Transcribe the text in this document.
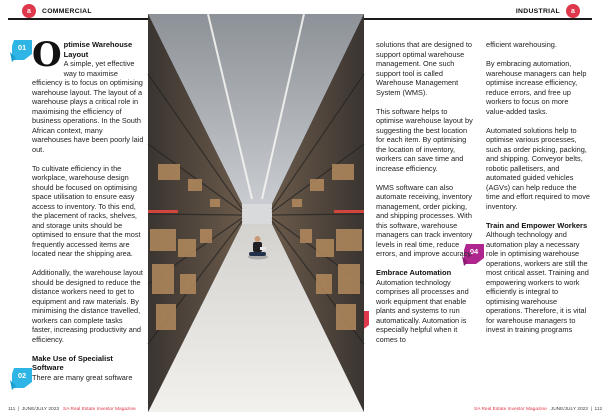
a COMMERCIAL	INDUSTRIAL a
01
02
04

O ptimise Warehouse Layout
A simple, yet effective way to maximise efficiency is to focus on optimising warehouse layout. The layout of a warehouse plays a critical role in maximising the efficiency of business operations. In the South African context, many warehouses have been poorly laid out.

To cultivate efficiency in the workplace, warehouse design should be focused on optimising space utilisation to ensure easy access to inventory. To this end, the placement of racks, shelves, and storage units should be optimised to ensure that the most frequently accessed items are located near the shipping area.

Additionally, the warehouse layout should be designed to reduce the distance workers need to get to equipment and raw materials. By minimising the distance travelled, workers can complete tasks faster, increasing productivity and efficiency.

Make Use of Specialist Software

There are many great software

solutions that are designed to support optimal warehouse management. One such support tool is called Warehouse Management System (WMS).

This software helps to optimise warehouse layout by suggesting the best location for each item. By optimising the location of inventory, workers can save time and increase efficiency.

WMS software can also automate receiving, inventory management, order picking, and shipping processes. With this software, warehouse managers can track inventory levels in real time, reduce errors, and improve accuracy.

Embrace Automation

Automation technology comprises all processes and work equipment that enable plants and systems to run automatically. Automation is especially helpful when it comes to

efficient warehousing.

By embracing automation, warehouse managers can help optimise increase efficiency, reduce errors, and free up workers to focus on more value-added tasks.

Automated solutions help to optimise various processes, such as order picking, packing, and shipping. Conveyor belts, robotic palletisers, and automated guided vehicles (AGVs) can help reduce the time and effort required to move inventory.

Train and Empower Workers

Although technology and automation play a necessary role in optimising warehouse operations, workers are still the most critical asset. Training and empowering workers to work efficiently is integral to optimising warehouse operations. Therefore, it is vital for warehouse managers to invest in training programs

111  |  JUNE/JULY 2023 SA Real Estate Investor Magazine	SA Real Estate Investor Magazine JUNE/JULY 2023  |  112
